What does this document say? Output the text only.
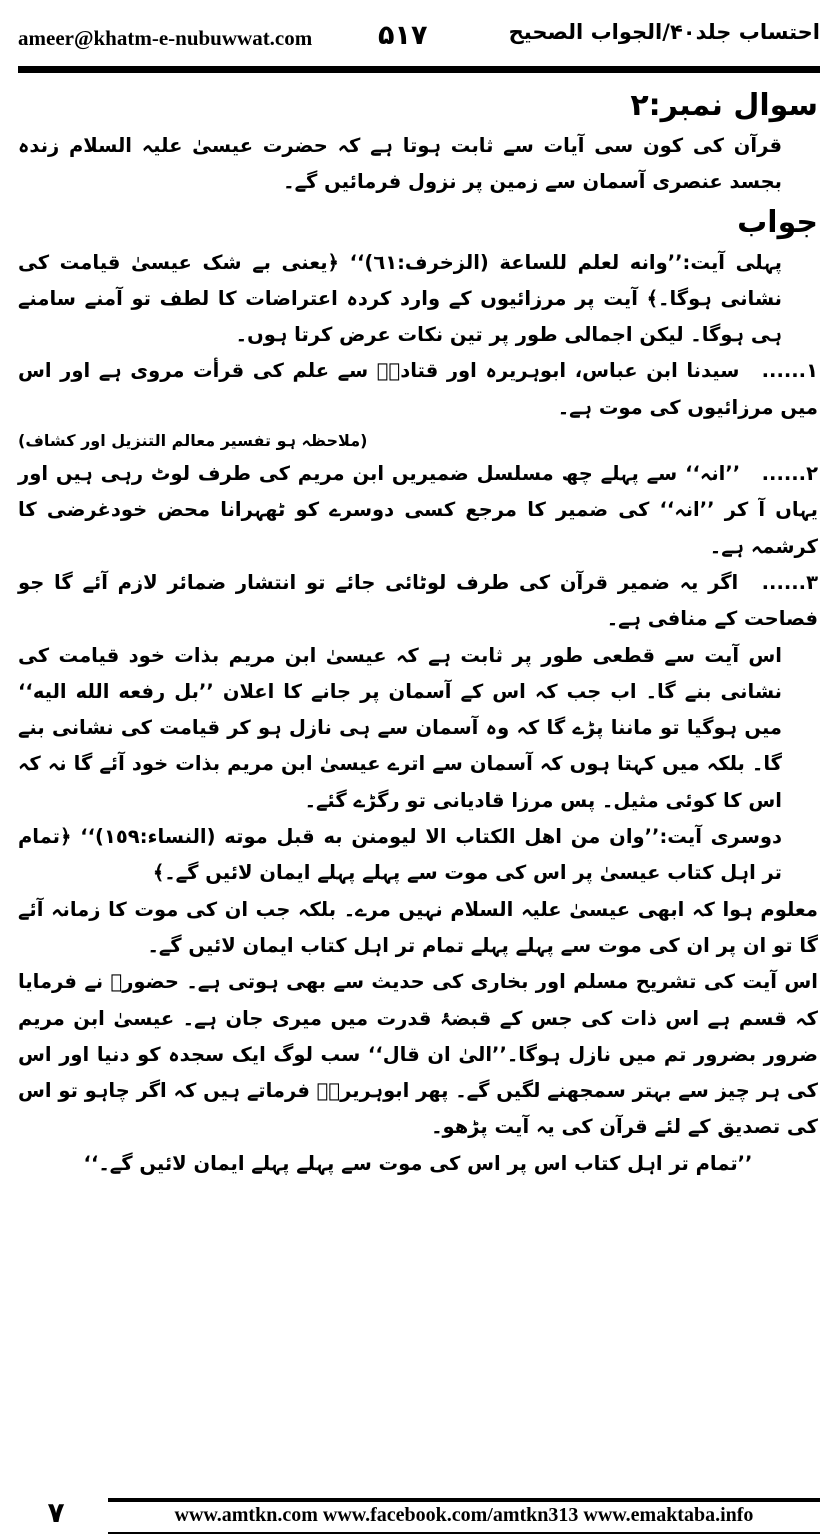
ameer@khatm-e-nubuwwat.com ۵۱۷	احتساب جلد۴۰/الجواب الصحیح

سوال نمبر:۲

قرآن کی کون سی آیات سے ثابت ہوتا ہے کہ حضرت عیسیٰ علیہ السلام زندہ بجسد عنصری آسمان سے زمین پر نزول فرمائیں گے۔

جواب

پہلی آیت:’’وانه لعلم للساعة (الزخرف:٦١)‘‘ ﴿یعنی بے شک عیسیٰ قیامت کی نشانی ہوگا۔﴾ آیت پر مرزائیوں کے وارد کردہ اعتراضات کا لطف تو آمنے سامنے ہی ہوگا۔ لیکن اجمالی طور پر تین نکات عرض کرتا ہوں۔

۱...... سیدنا ابن عباس، ابوہریرہ اور قتادہؓ سے علم کی قرأت مروی ہے اور اس میں مرزائیوں کی موت ہے۔

(ملاحظہ ہو تفسیر معالم التنزیل اور کشاف)

۲...... ’’انہ‘‘ سے پہلے چھ مسلسل ضمیریں ابن مریم کی طرف لوٹ رہی ہیں اور یہاں آ کر ’’انہ‘‘ کی ضمیر کا مرجع کسی دوسرے کو ٹھہرانا محض خودغرضی کا کرشمہ ہے۔

۳...... اگر یہ ضمیر قرآن کی طرف لوٹائی جائے تو انتشار ضمائر لازم آئے گا جو فصاحت کے منافی ہے۔

اس آیت سے قطعی طور پر ثابت ہے کہ عیسیٰ ابن مریم بذات خود قیامت کی نشانی بنے گا۔ اب جب کہ اس کے آسمان پر جانے کا اعلان ’’بل رفعه الله اليه‘‘ میں ہوگیا تو ماننا پڑے گا کہ وہ آسمان سے ہی نازل ہو کر قیامت کی نشانی بنے گا۔ بلکہ میں کہتا ہوں کہ آسمان سے اترے عیسیٰ ابن مریم بذات خود آئے گا نہ کہ اس کا کوئی مثیل۔ پس مرزا قادیانی تو رگڑے گئے۔

دوسری آیت:’’وان من اهل الكتاب الا ليومنن به قبل موته (النساء:١٥٩)‘‘ ﴿تمام تر اہل کتاب عیسیٰ پر اس کی موت سے پہلے پہلے ایمان لائیں گے۔﴾

معلوم ہوا کہ ابھی عیسیٰ علیہ السلام نہیں مرے۔ بلکہ جب ان کی موت کا زمانہ آئے گا تو ان پر ان کی موت سے پہلے پہلے تمام تر اہل کتاب ایمان لائیں گے۔

اس آیت کی تشریح مسلم اور بخاری کی حدیث سے بھی ہوتی ہے۔ حضورﷺ نے فرمایا کہ قسم ہے اس ذات کی جس کے قبضۂ قدرت میں میری جان ہے۔ عیسیٰ ابن مریم ضرور بضرور تم میں نازل ہوگا۔’’الیٰ ان قال‘‘ سب لوگ ایک سجدہ کو دنیا اور اس کی ہر چیز سے بہتر سمجھنے لگیں گے۔ پھر ابوہریرہؓ فرماتے ہیں کہ اگر چاہو تو اس کی تصدیق کے لئے قرآن کی یہ آیت پڑھو۔

’’تمام تر اہل کتاب اس پر اس کی موت سے پہلے پہلے ایمان لائیں گے۔‘‘

۷	www.amtkn.com www.facebook.com/amtkn313 www.emaktaba.info
